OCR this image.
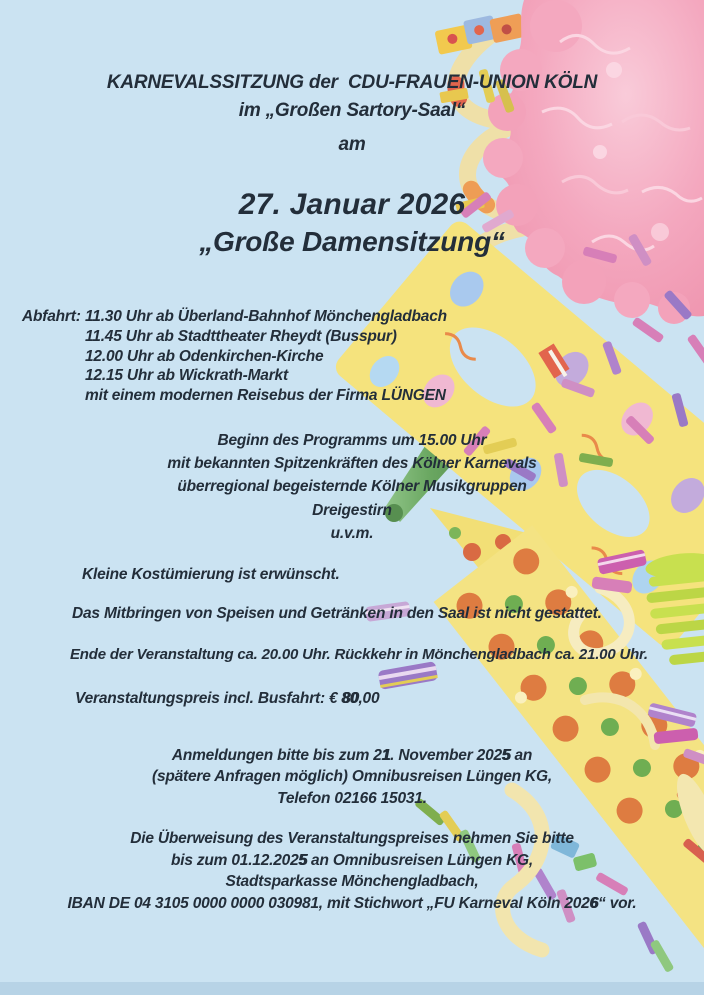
KARNEVALSSITZUNG der  CDU-FRAUEN-UNION KÖLN
im „Großen Sartory-Saal“
am
27. Januar 2026
„Große Damensitzung“
Abfahrt: 11.30 Uhr ab Überland-Bahnhof Mönchengladbach
11.45 Uhr ab Stadttheater Rheydt (Busspur)
12.00 Uhr ab Odenkirchen-Kirche
12.15 Uhr ab Wickrath-Markt
mit einem modernen Reisebus der Firma LÜNGEN
Beginn des Programms um 15.00 Uhr
mit bekannten Spitzenkräften des Kölner Karnevals
überregional begeisternde Kölner Musikgruppen
Dreigestirn
u.v.m.
Kleine Kostümierung ist erwünscht.
Das Mitbringen von Speisen und Getränken in den Saal ist nicht gestattet.
Ende der Veranstaltung ca. 20.00 Uhr. Rückkehr in Mönchengladbach ca. 21.00 Uhr.
Veranstaltungspreis incl. Busfahrt: € 80,00
Anmeldungen bitte bis zum 21. November 2025 an
(spätere Anfragen möglich) Omnibusreisen Lüngen KG,
Telefon 02166 15031.
Die Überweisung des Veranstaltungspreises nehmen Sie bitte
bis zum 01.12.2025 an Omnibusreisen Lüngen KG,
Stadtsparkasse Mönchengladbach,
IBAN DE 04 3105 0000 0000 030981, mit Stichwort „FU Karneval Köln 2026“ vor.
